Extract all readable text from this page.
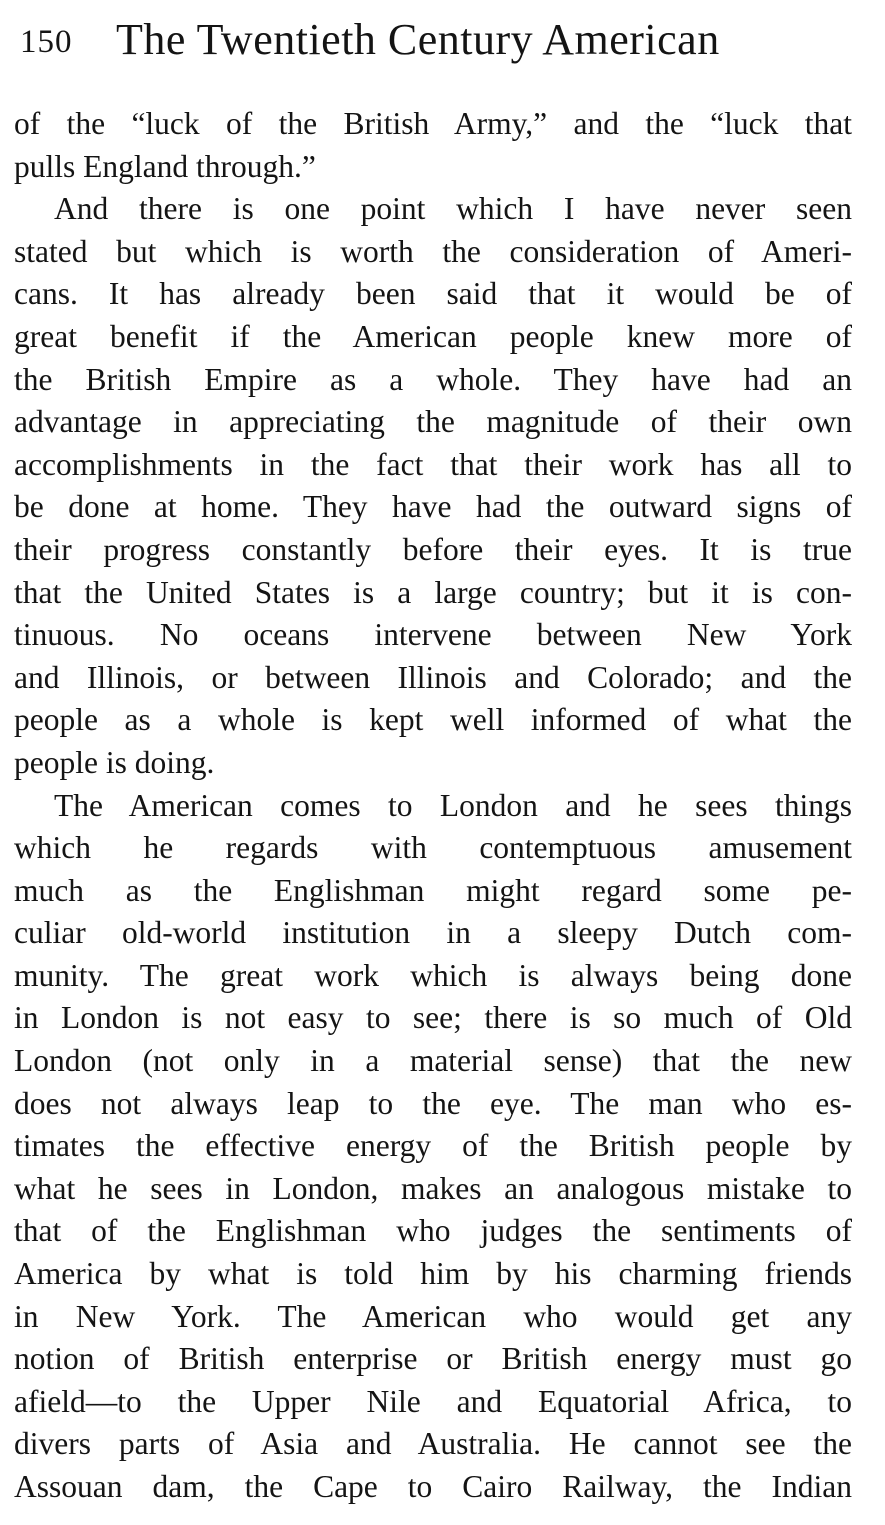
150 The Twentieth Century American
of the “luck of the British Army,” and the “luck that
pulls England through.”
And there is one point which I have never seen
stated but which is worth the consideration of Ameri-
cans. It has already been said that it would be of
great benefit if the American people knew more of
the British Empire as a whole. They have had an
advantage in appreciating the magnitude of their own
accomplishments in the fact that their work has all to
be done at home. They have had the outward signs of
their progress constantly before their eyes. It is true
that the United States is a large country; but it is con-
tinuous. No oceans intervene between New York
and Illinois, or between Illinois and Colorado; and the
people as a whole is kept well informed of what the
people is doing.
The American comes to London and he sees things
which he regards with contemptuous amusement
much as the Englishman might regard some pe-
culiar old-world institution in a sleepy Dutch com-
munity. The great work which is always being done
in London is not easy to see; there is so much of Old
London (not only in a material sense) that the new
does not always leap to the eye. The man who es-
timates the effective energy of the British people by
what he sees in London, makes an analogous mistake to
that of the Englishman who judges the sentiments of
America by what is told him by his charming friends
in New York. The American who would get any
notion of British enterprise or British energy must go
afield—to the Upper Nile and Equatorial Africa, to
divers parts of Asia and Australia. He cannot see the
Assouan dam, the Cape to Cairo Railway, the Indian
